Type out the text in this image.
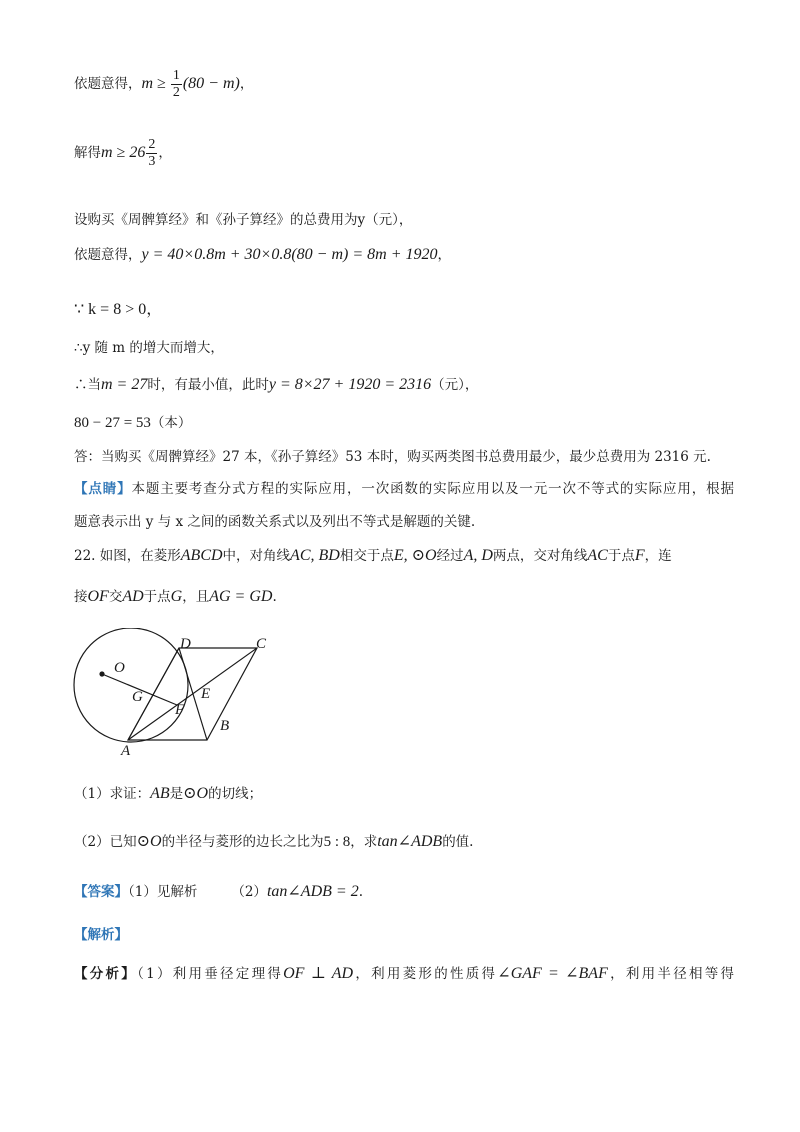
依题意得，$m \ge \frac{1}{2} (80 - m)$，
解得$m \ge 26 \frac{2}{3}$ ，
设购买《周髀算经》和《孙子算经》的总费用为y（元），
依题意得，y = 40×0.8m + 30×0.8(80 − m) = 8m + 1920，
∵ k = 8 > 0，
∴y 随 m 的增大而增大，
∴当m = 27时，有最小值，此时y = 8×27 + 1920 = 2316（元），
80 − 27 = 53（本）
答：当购买《周髀算经》27 本，《孙子算经》53 本时，购买两类图书总费用最少，最少总费用为 2316 元.
【点睛】本题主要考查分式方程的实际应用，一次函数的实际应用以及一元一次不等式的实际应用，根据
题意表示出 y 与 x 之间的函数关系式以及列出不等式是解题的关键.
22. 如图，在菱形ABCD中，对角线AC, BD相交于点E, ⊙O经过A, D两点，交对角线AC于点F，连
接OF交AD于点G，且AG = GD.
O
D	C
G	E
F
A
B
（1）求证：AB是⊙O的切线；
（2）已知⊙O的半径与菱形的边长之比为5 : 8，求tan∠ADB的值.
【答案】（1）见解析	（2）tan∠ADB = 2.
【解析】
【分析】（1）利用垂径定理得OF ⊥ AD，利用菱形的性质得∠GAF = ∠BAF，利用半径相等得
